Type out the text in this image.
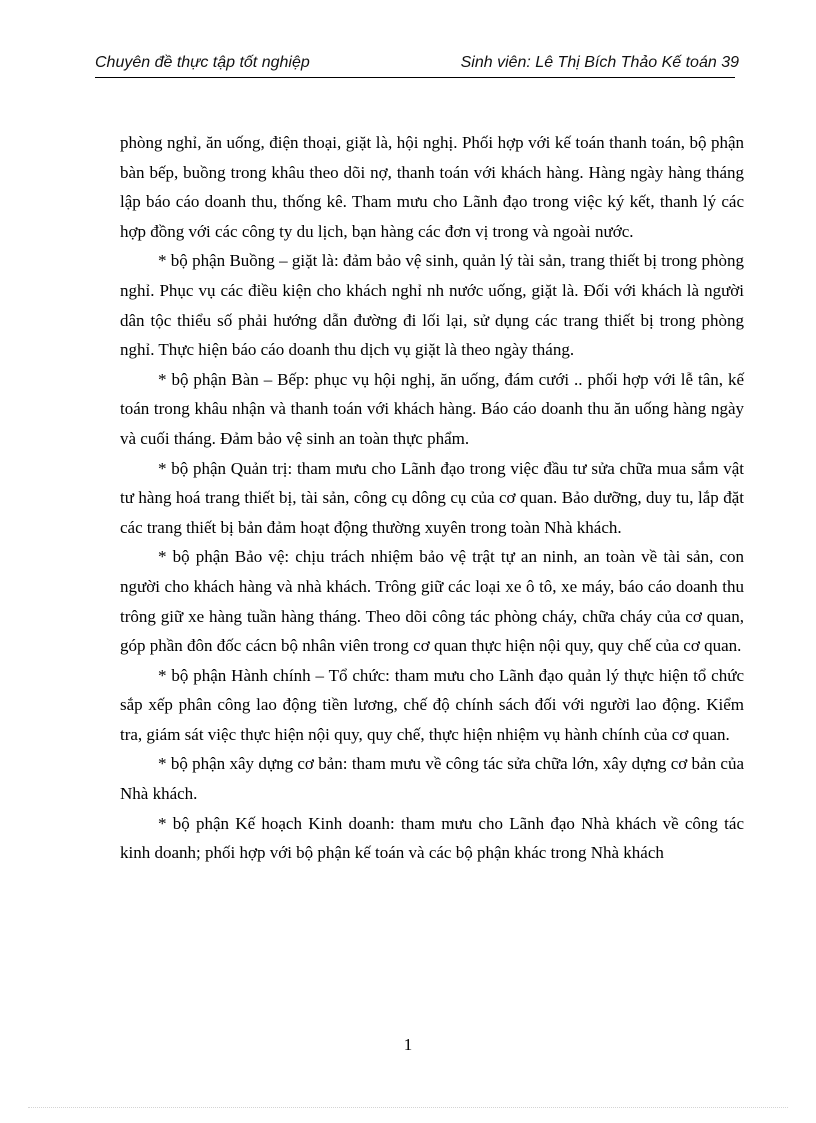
Chuyên đề thực tập tốt nghiệp	Sinh viên: Lê Thị Bích Thảo Kế toán 39

phòng nghỉ, ăn uống, điện thoại, giặt là, hội nghị. Phối hợp với kế toán thanh toán, bộ phận bàn bếp, buồng trong khâu theo dõi nợ, thanh toán với khách hàng. Hàng ngày hàng tháng lập báo cáo doanh thu, thống kê. Tham mưu cho Lãnh đạo trong việc ký kết, thanh lý các hợp đồng với các công ty du lịch, bạn hàng các đơn vị trong và ngoài nước.

* bộ phận Buồng – giặt là: đảm bảo vệ sinh, quản lý tài sản, trang thiết bị trong phòng nghỉ. Phục vụ các điều kiện cho khách nghỉ nh nước uống, giặt là. Đối với khách là người dân tộc thiểu số phải hướng dẫn đường đi lối lại, sử dụng các trang thiết bị trong phòng nghỉ. Thực hiện báo cáo doanh thu dịch vụ giặt là theo ngày tháng.

* bộ phận Bàn – Bếp: phục vụ hội nghị, ăn uống, đám cưới .. phối hợp với lễ tân, kế toán trong khâu nhận và thanh toán với khách hàng. Báo cáo doanh thu ăn uống hàng ngày và cuối tháng. Đảm bảo vệ sinh an toàn thực phẩm.

* bộ phận Quản trị: tham mưu cho Lãnh đạo trong việc đầu tư sửa chữa mua sắm vật tư hàng hoá trang thiết bị, tài sản, công cụ dông cụ của cơ quan. Bảo dưỡng, duy tu, lắp đặt các trang thiết bị bản đảm hoạt động thường xuyên trong toàn Nhà khách.

* bộ phận Bảo vệ: chịu trách nhiệm bảo vệ trật tự an ninh, an toàn về tài sản, con người cho khách hàng và nhà khách. Trông giữ các loại xe ô tô, xe máy, báo cáo doanh thu trông giữ xe hàng tuần hàng tháng. Theo dõi công tác phòng cháy, chữa cháy của cơ quan, góp phần đôn đốc cácn bộ nhân viên trong cơ quan thực hiện nội quy, quy chế của cơ quan.

* bộ phận Hành chính – Tổ chức: tham mưu cho Lãnh đạo quản lý thực hiện tổ chức sắp xếp phân công lao động tiền lương, chế độ chính sách đối với người lao động. Kiểm tra, giám sát việc thực hiện nội quy, quy chế, thực hiện nhiệm vụ hành chính của cơ quan.

* bộ phận xây dựng cơ bản: tham mưu về công tác sửa chữa lớn, xây dựng cơ bản của Nhà khách.

* bộ phận Kế hoạch Kinh doanh: tham mưu cho Lãnh đạo Nhà khách về công tác kinh doanh; phối hợp với bộ phận kế toán và các bộ phận khác trong Nhà khách

1
